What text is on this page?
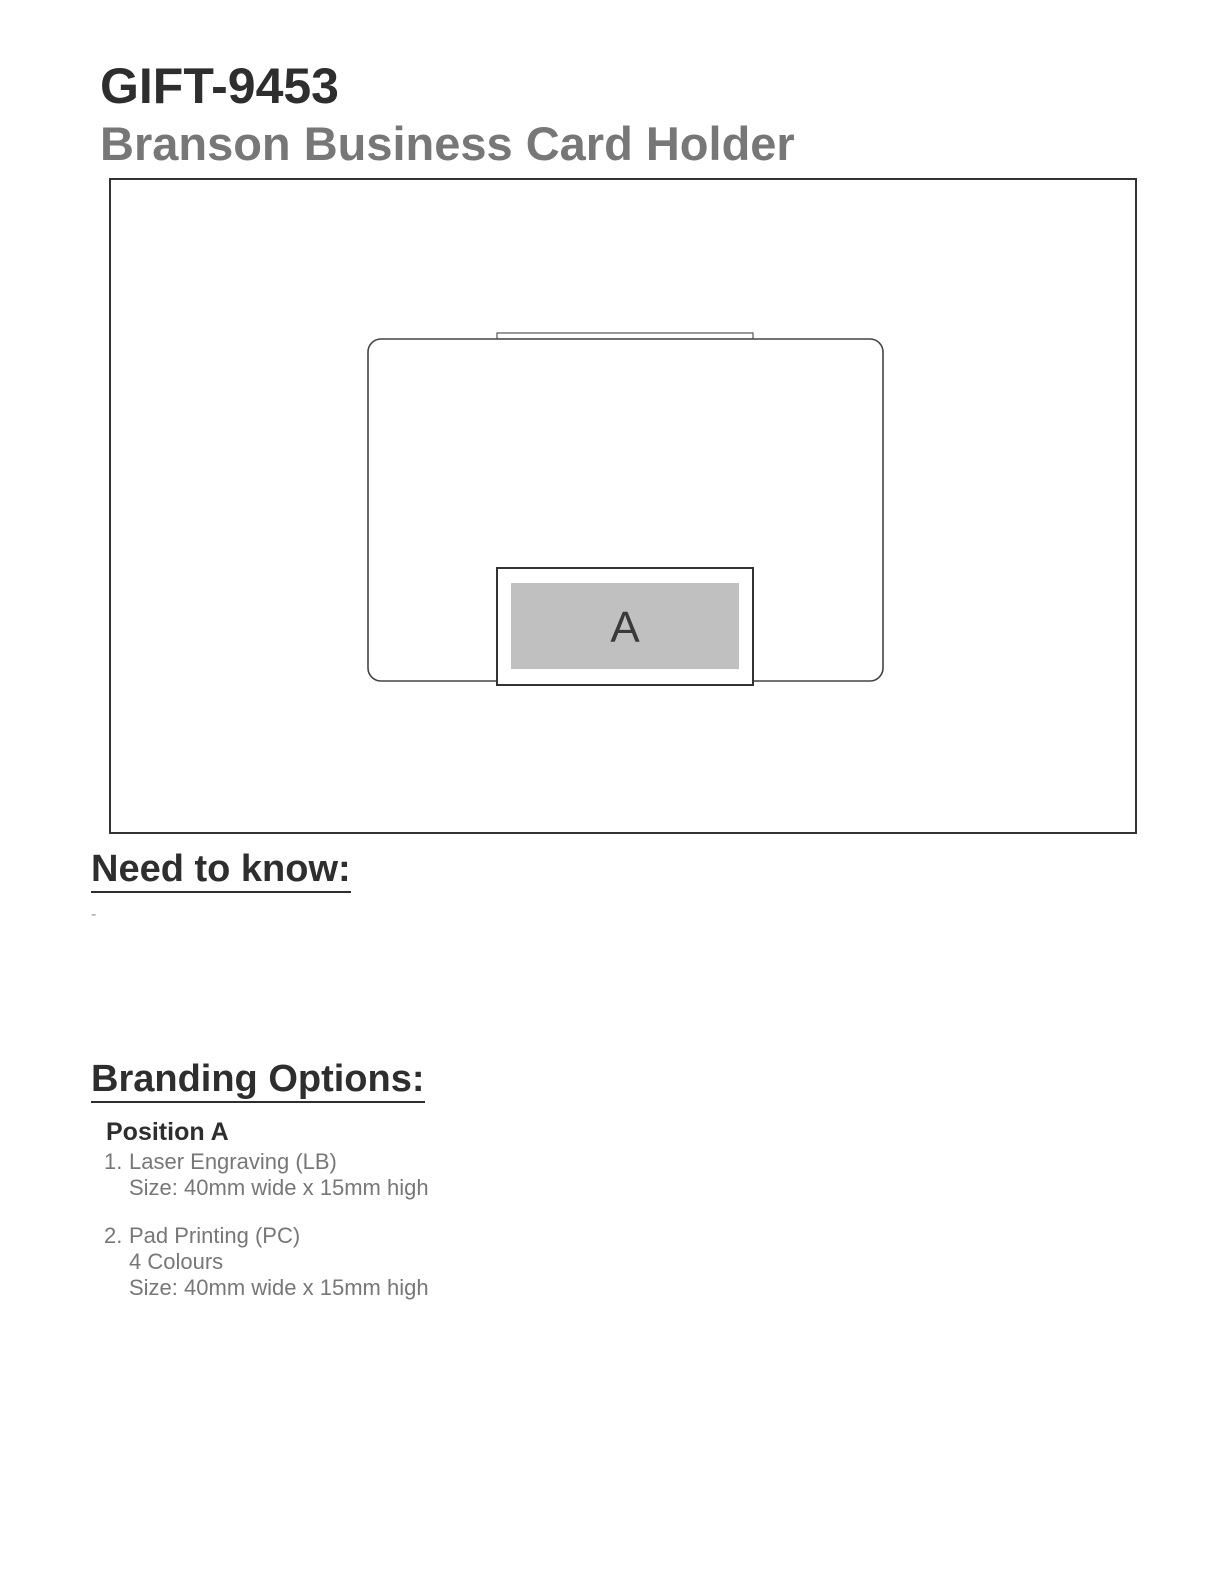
GIFT-9453
Branson Business Card Holder
A
Need to know:
-
Branding Options:
Position A
1. Laser Engraving (LB)
Size: 40mm wide x 15mm high
2. Pad Printing (PC)
4 Colours
Size: 40mm wide x 15mm high
